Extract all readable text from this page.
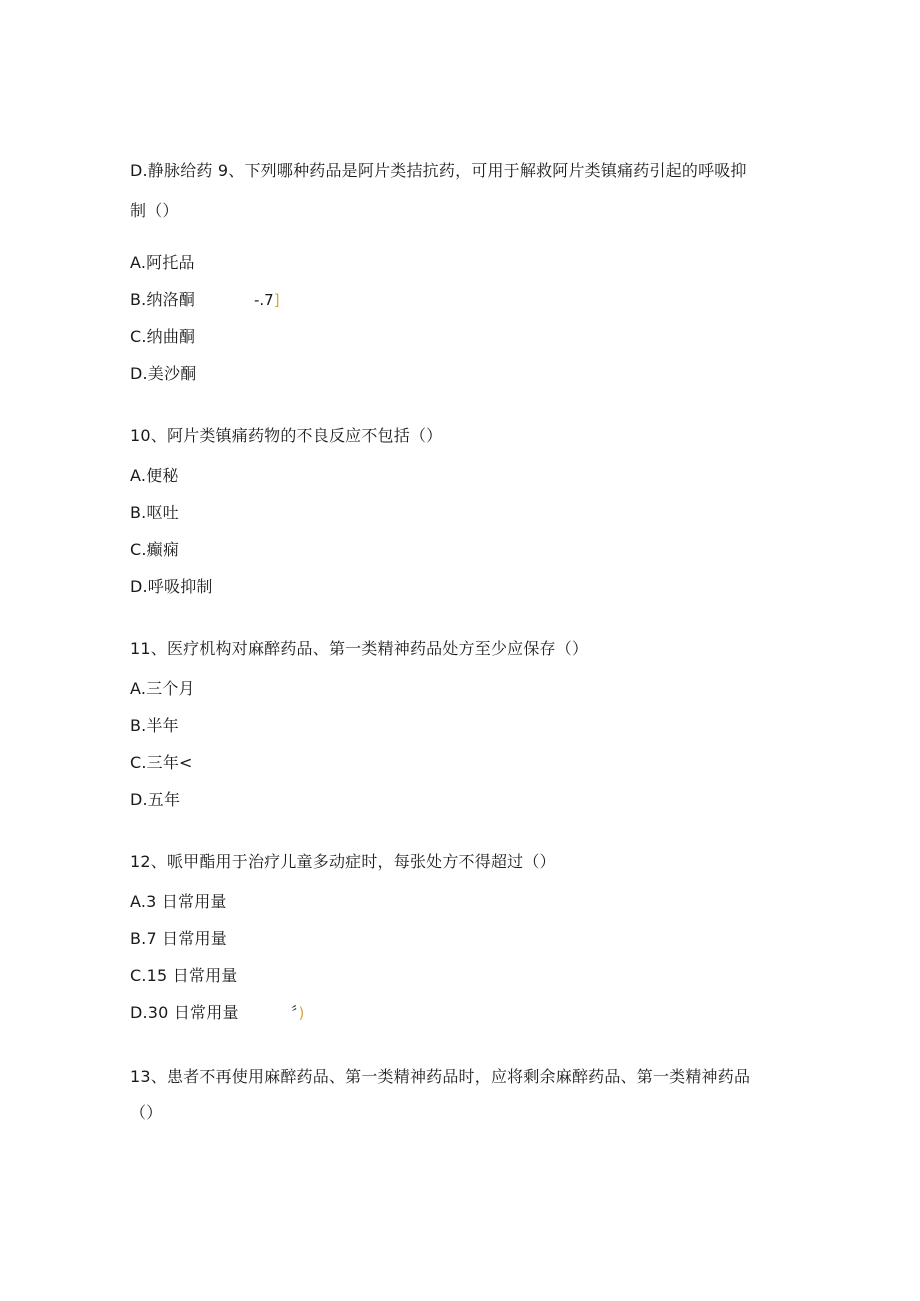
D.静脉给药 9、下列哪种药品是阿片类拮抗药，可用于解救阿片类镇痛药引起的呼吸抑
制（）
A.阿托品
B.纳洛酮	-.7]
C.纳曲酮
D.美沙酮
10、阿片类镇痛药物的不良反应不包括（）
A.便秘
B.呕吐
C.癫痫
D.呼吸抑制
11、医疗机构对麻醉药品、第一类精神药品处方至少应保存（）
A.三个月
B.半年
C.三年<
D.五年
12、哌甲酯用于治疗儿童多动症时，每张处方不得超过（）
A.3 日常用量
B.7 日常用量
C.15 日常用量
D.30 日常用量	〞)
13、患者不再使用麻醉药品、第一类精神药品时，应将剩余麻醉药品、第一类精神药品
（）
